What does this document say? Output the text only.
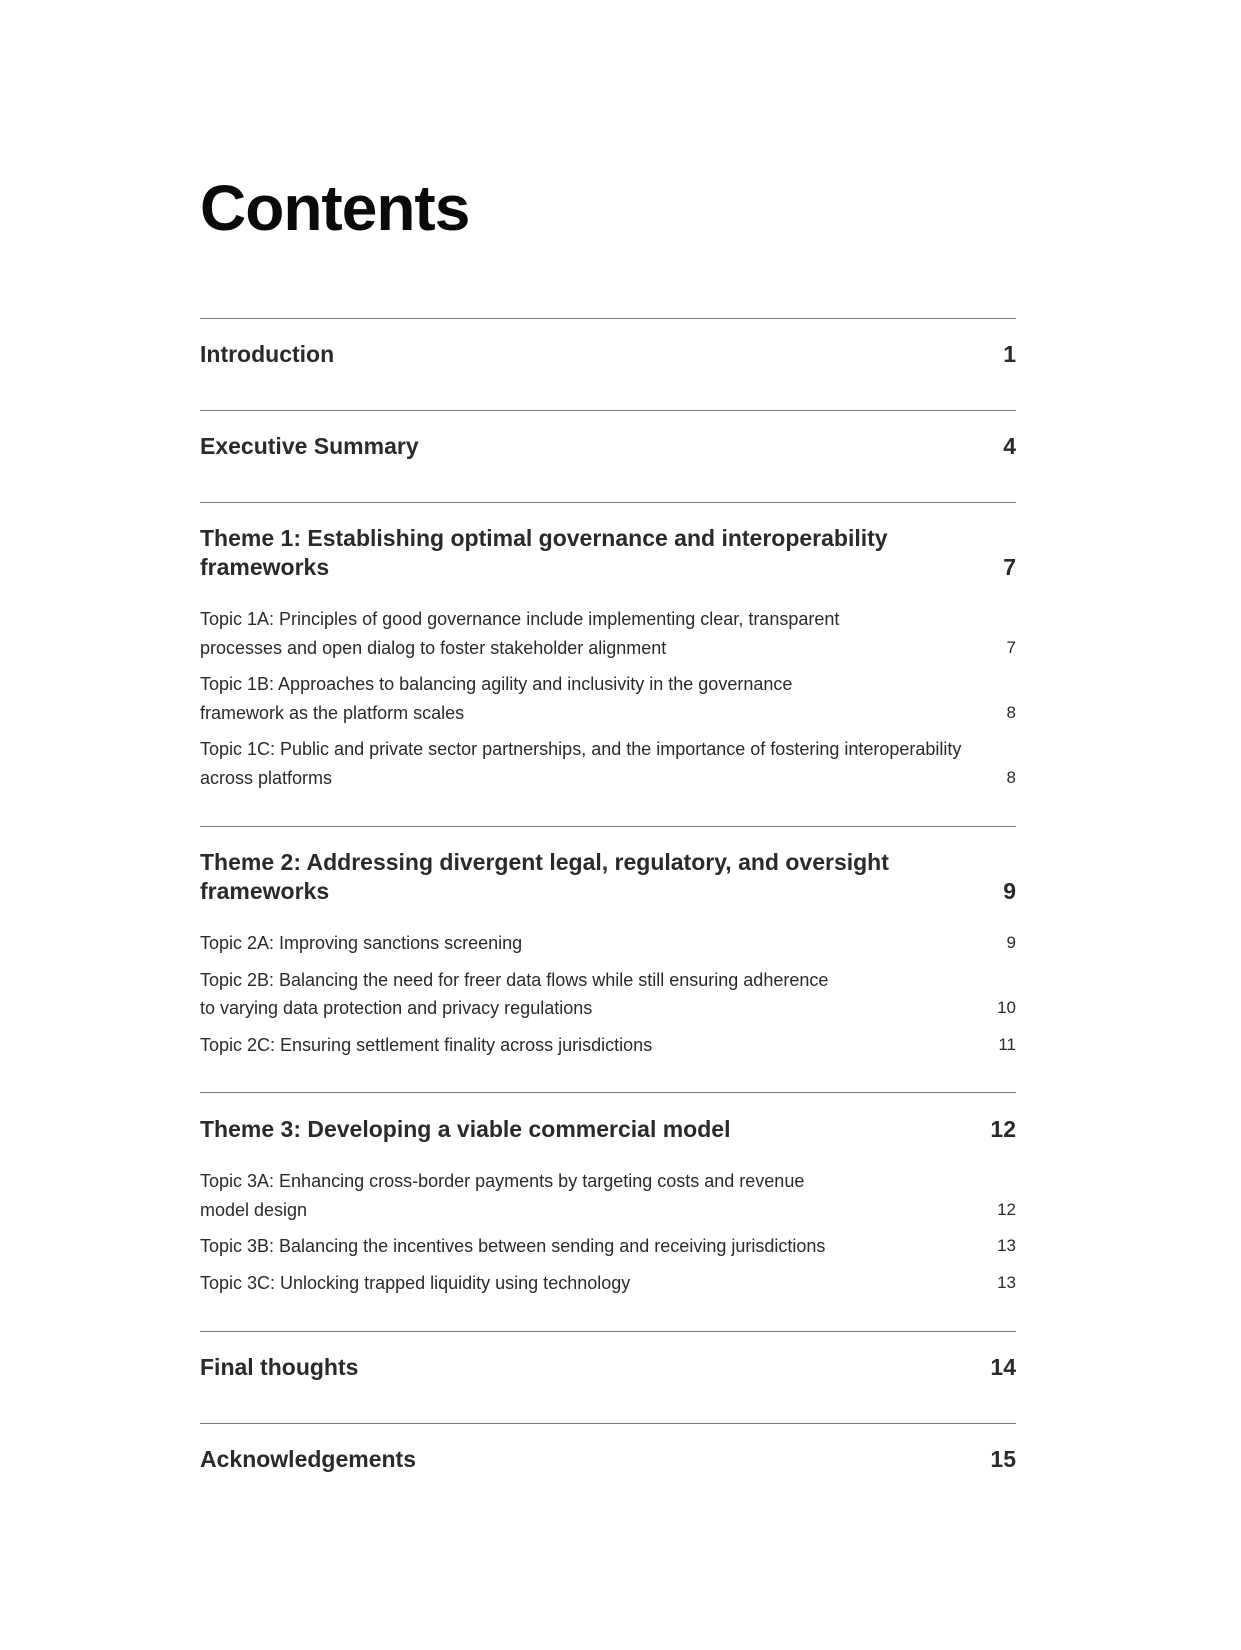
Contents
Introduction	1
Executive Summary	4
Theme 1: Establishing optimal governance and interoperability
frameworks	7
Topic 1A: Principles of good governance include implementing clear, transparent
processes and open dialog to foster stakeholder alignment	7
Topic 1B: Approaches to balancing agility and inclusivity in the governance
framework as the platform scales	8
Topic 1C: Public and private sector partnerships, and the importance of fostering interoperability
across platforms	8
Theme 2: Addressing divergent legal, regulatory, and oversight
frameworks	9
Topic 2A: Improving sanctions screening	9
Topic 2B: Balancing the need for freer data flows while still ensuring adherence
to varying data protection and privacy regulations	10
Topic 2C: Ensuring settlement finality across jurisdictions	11
Theme 3: Developing a viable commercial model	12
Topic 3A: Enhancing cross-border payments by targeting costs and revenue
model design	12
Topic 3B: Balancing the incentives between sending and receiving jurisdictions	13
Topic 3C: Unlocking trapped liquidity using technology	13
Final thoughts	14
Acknowledgements	15
